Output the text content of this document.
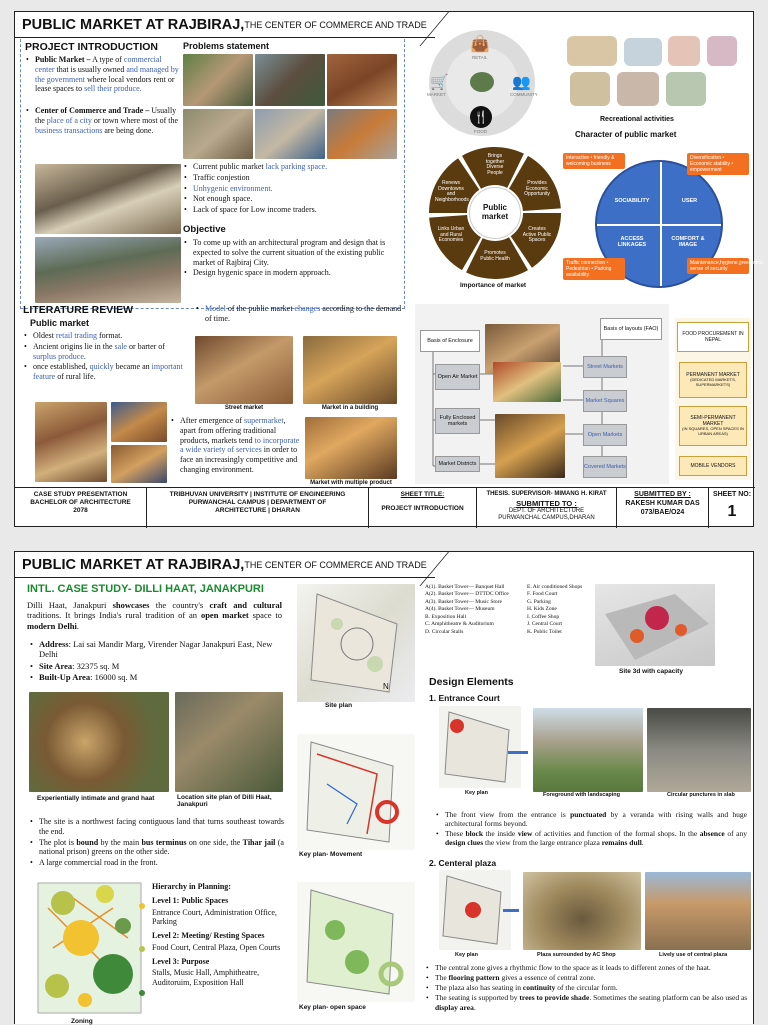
PUBLIC MARKET AT RAJBIRAJ, THE CENTER OF COMMERCE AND TRADE
PROJECT INTRODUCTION
• Public Market – A type of commercial center that is usually owned and managed by the government where local vendors rent or lease spaces to sell their produce.
• Center of Commerce and Trade – Usually the place of a city or town where most of the business transactions are being done.
Problems statement
• Current public market lack parking space.
• Traffic conjestion
• Unhygenic environment.
• Not enough space.
• Lack of space for Low income traders.
Objective
• To come up with an architectural program and design that is expected to solve the current situation of the existing public market of Rajbiraj City.
• Design hygenic space in modern approach.
👜
RETAIL
🛒
MARKET
👥
COMMUNITY
🍴
FOOD
Recreational activities
Public market
Brings together Diverse People
Provides Economic Opportunity
Creates Active Public Spaces
Promotes Public Health
Links Urban and Rural Economies
Renews Downtowns and Neighborhoods
Importance of market
Character of public market
SOCIABILITY	USER
ACCESS LINKAGES
COMFORT & IMAGE
Interactive • friendly & welcoming business
Diversification • Economic stability • empowerment
Traffic connection • Pedestrian • Parking availability
Maintenance,hygiene,greeneries, sense of security
LITERATURE REVIEW
Public market
• Oldest retail trading format.
• Ancient origins lie in the sale or barter of surplus produce.
• once established, quickly became an important feature of rural life.
• Model of the public market changes according to the demand of time.
Street market	Market in a building
• After emergence of supermarket, apart from offering traditional products, markets tend to incorporate a wide variety of services in order to face an increasingly competitive and changing environment.
Market with multiple product
Basis of Enclosure
Open Air Market
Fully Enclosed markets
Market Districts
Basis of layouts (FAO)
Street Markets
Market Squares
Open Markets
Covered Markets
FOOD PROCUREMENT IN NEPAL
PERMANENT MARKET
(DEDICATED MARKETS, SUPERMARKETS)
SEMI-PERMANENT MARKET
(IN SQUARES, OPEN SPACES IN URBAN AREAS)
MOBILE VENDORS
CASE STUDY PRESENTATION
BACHELOR OF ARCHITECTURE
2078
TRIBHUVAN UNIVERSITY | INSTITUTE OF ENGINEERING
PURWANCHAL CAMPUS | DEPARTMENT OF
ARCHITECTURE | DHARAN
SHEET TITLE:
PROJECT INTRODUCTION
THESIS. SUPERVISOR- MIMANG H. KIRAT
SUBMITTED TO :
DEPT. OF ARCHITECTURE
PURWANCHAL CAMPUS,DHARAN
SUBMITTED BY :
RAKESH KUMAR DAS
073/BAE/O24
SHEET NO:
1
PUBLIC MARKET AT RAJBIRAJ, THE CENTER OF COMMERCE AND TRADE
INTL. CASE STUDY- DILLI HAAT, JANAKPURI
Dilli Haat, Janakpuri showcases the country's craft and cultural traditions. It brings India's rural tradition of an open market space to modern Delhi.
• Address: Lai sai Mandir Marg, Virender Nagar Janakpuri East, New Delhi
• Site Area: 32375 sq. M
• Built-Up Area: 16000 sq. M
Experientially intimate and grand haat	Location site plan of Dilli Haat, Janakpuri
• The site is a northwest facing contiguous land that turns southeast towards the end.
• The plot is bound by the main bus terminus on one side, the Tihar jail (a national prison) greens on the other side.
• A large commercial road in the front.
Zoning
Hierarchy in Planning:
Level 1: Public Spaces
Entrance Court, Administration Office, Parking
Level 2: Meeting/ Resting Spaces
Food Court, Central Plaza, Open Courts
Level 3: Purpose
Stalls, Music Hall, Amphitheatre, Auditoruim, Exposition Hall
Site plan
N
Key plan- Movement
Key plan- open space
A(1). Basket Tower— Banquet Hall
A(2). Basket Tower— DTTDC Office
A(3). Basket Tower— Music Store
A(4). Basket Tower— Museum
B. Exposition Hall
C. Amphitheatre & Auditorium
D. Circular Stalls
E. Air conditioned Shops
F. Food Court
G. Parking
H. Kids Zone
I. Coffee Shop
J. Central Court
K. Public Toilet
Site 3d with capacity
Design Elements
1. Entrance Court
Key plan	Foreground with landscaping	Circular punctures in slab
• The front view from the entrance is punctuated by a veranda with rising walls and huge architectural forms beyond.
• These block the inside view of activities and function of the formal shops. In the absence of any design clues the view from the large entrance plaza remains dull.
2. Centeral plaza
Key plan	Plaza surrounded by AC Shop	Lively use of central plaza
• The central zone gives a rhythmic flow to the space as it leads to different zones of the haat.
• The flooring pattern gives a essence of central zone.
• The plaza also has seating in continuity of the circular form.
• The seating is supported by trees to provide shade. Sometimes the seating platform can be also used as display area.
